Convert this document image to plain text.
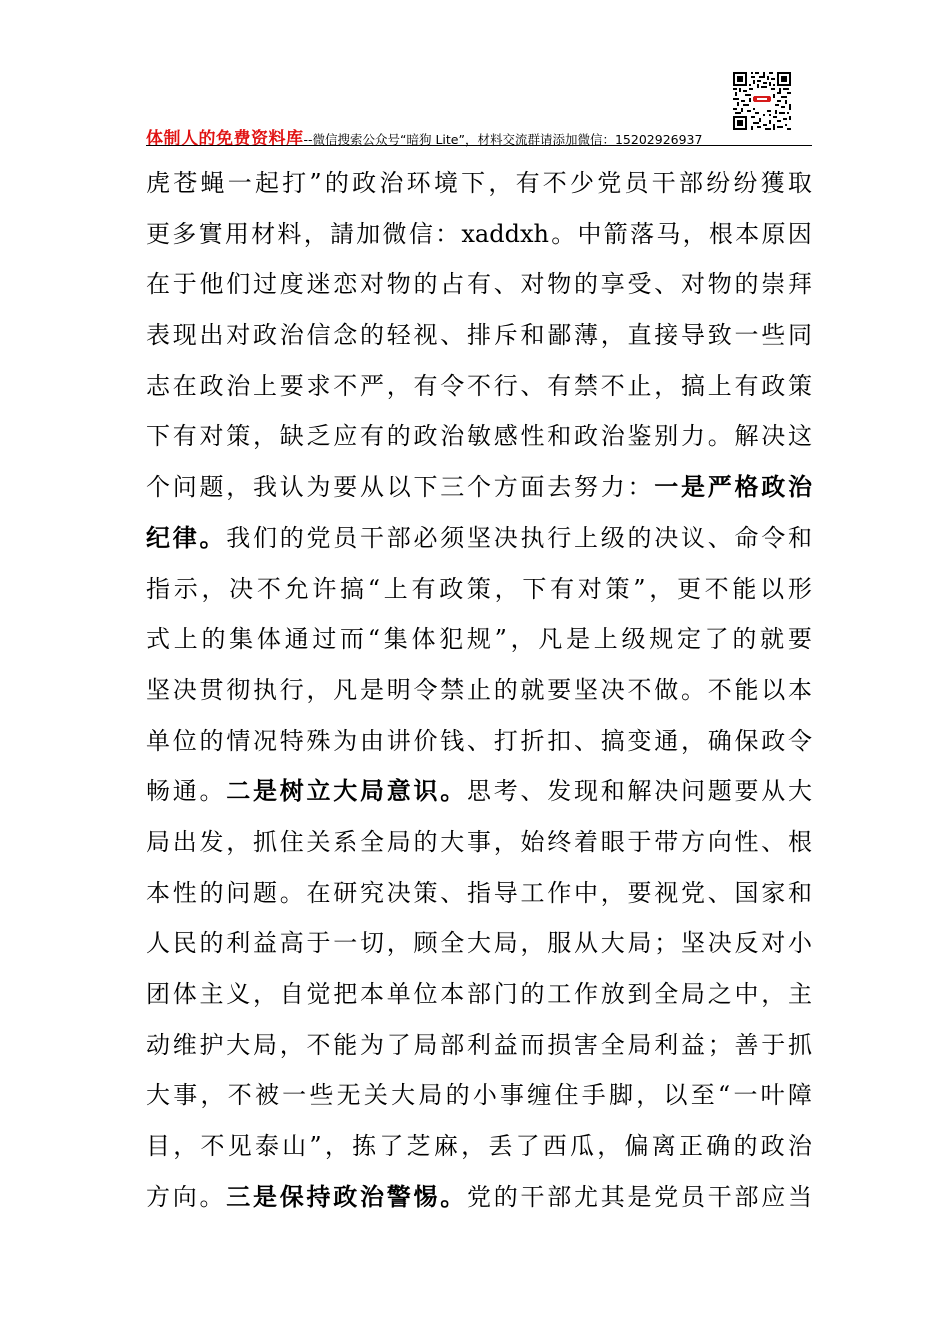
体制人的免费资料库--微信搜索公众号“暗狗 Lite”，材料交流群请添加微信：15202926937
虎 苍 蝇 一 起 打 ” 的 政 治 环 境 下 ， 有 不 少 党 员 干 部 纷 纷 獲 取
更 多 實 用 材 料 ， 請 加 微 信 ： xaddxh 。 中 箭 落 马 ， 根 本 原 因
在 于 他 们 过 度 迷 恋 对 物 的 占 有 、 对 物 的 享 受 、 对 物 的 崇 拜
表 现 出 对 政 治 信 念 的 轻 视 、 排 斥 和 鄙 薄 ， 直 接 导 致 一 些 同
志 在 政 治 上 要 求 不 严 ， 有 令 不 行 、 有 禁 不 止 ， 搞 上 有 政 策
下 有 对 策 ， 缺 乏 应 有 的 政 治 敏 感 性 和 政 治 鉴 别 力 。 解 决 这
个 问 题 ， 我 认 为 要 从 以 下 三 个 方 面 去 努 力 ： 一 是 严 格 政 治
纪 律 。 我 们 的 党 员 干 部 必 须 坚 决 执 行 上 级 的 决 议 、 命 令 和
指 示 ， 决 不 允 许 搞 “ 上 有 政 策 ， 下 有 对 策 ” ， 更 不 能 以 形
式 上 的 集 体 通 过 而 “ 集 体 犯 规 ” ， 凡 是 上 级 规 定 了 的 就 要
坚 决 贯 彻 执 行 ， 凡 是 明 令 禁 止 的 就 要 坚 决 不 做 。 不 能 以 本
单 位 的 情 况 特 殊 为 由 讲 价 钱 、 打 折 扣 、 搞 变 通 ， 确 保 政 令
畅 通 。 二 是 树 立 大 局 意 识 。 思 考 、 发 现 和 解 决 问 题 要 从 大
局 出 发 ， 抓 住 关 系 全 局 的 大 事 ， 始 终 着 眼 于 带 方 向 性 、 根
本 性 的 问 题 。 在 研 究 决 策 、 指 导 工 作 中 ， 要 视 党 、 国 家 和
人 民 的 利 益 高 于 一 切 ， 顾 全 大 局 ， 服 从 大 局 ； 坚 决 反 对 小
团 体 主 义 ， 自 觉 把 本 单 位 本 部 门 的 工 作 放 到 全 局 之 中 ， 主
动 维 护 大 局 ， 不 能 为 了 局 部 利 益 而 损 害 全 局 利 益 ； 善 于 抓
大 事 ， 不 被 一 些 无 关 大 局 的 小 事 缠 住 手 脚 ， 以 至 “ 一 叶 障
目 ， 不 见 泰 山 ” ， 拣 了 芝 麻 ， 丢 了 西 瓜 ， 偏 离 正 确 的 政 治
方 向 。 三 是 保 持 政 治 警 惕 。 党 的 干 部 尤 其 是 党 员 干 部 应 当
